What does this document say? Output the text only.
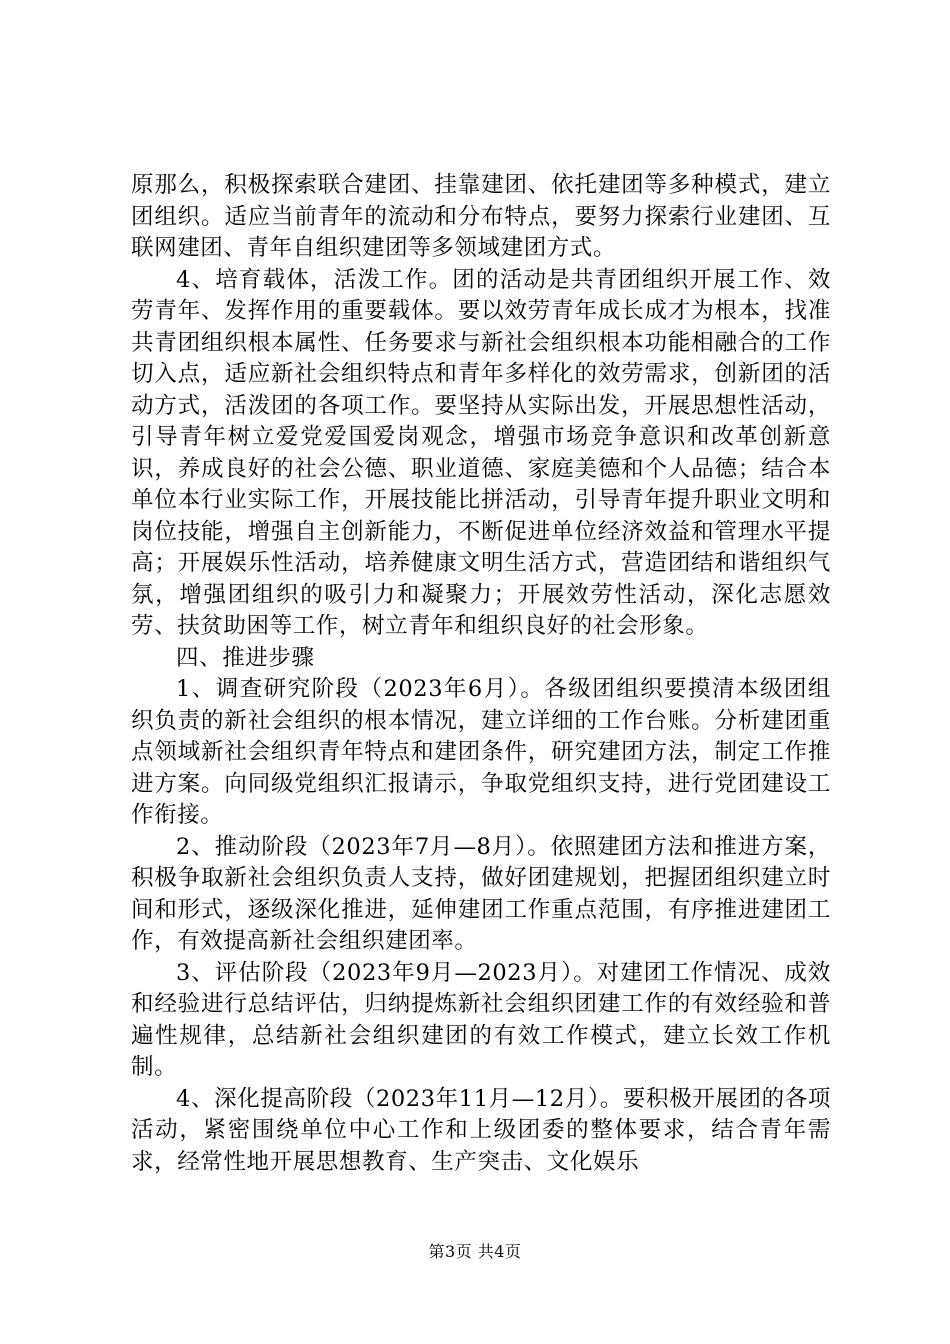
原那么，积极探索联合建团、挂靠建团、依托建团等多种模式，建立团组织。适应当前青年的流动和分布特点，要努力探索行业建团、互联网建团、青年自组织建团等多领域建团方式。

4、培育载体，活泼工作。团的活动是共青团组织开展工作、效劳青年、发挥作用的重要载体。要以效劳青年成长成才为根本，找准共青团组织根本属性、任务要求与新社会组织根本功能相融合的工作切入点，适应新社会组织特点和青年多样化的效劳需求，创新团的活动方式，活泼团的各项工作。要坚持从实际出发，开展思想性活动，引导青年树立爱党爱国爱岗观念，增强市场竞争意识和改革创新意识，养成良好的社会公德、职业道德、家庭美德和个人品德；结合本单位本行业实际工作，开展技能比拼活动，引导青年提升职业文明和岗位技能，增强自主创新能力，不断促进单位经济效益和管理水平提高；开展娱乐性活动，培养健康文明生活方式，营造团结和谐组织气氛，增强团组织的吸引力和凝聚力；开展效劳性活动，深化志愿效劳、扶贫助困等工作，树立青年和组织良好的社会形象。

四、推进步骤

1、调查研究阶段（2023年6月）。各级团组织要摸清本级团组织负责的新社会组织的根本情况，建立详细的工作台账。分析建团重点领域新社会组织青年特点和建团条件，研究建团方法，制定工作推进方案。向同级党组织汇报请示，争取党组织支持，进行党团建设工作衔接。

2、推动阶段（2023年7月—8月）。依照建团方法和推进方案，积极争取新社会组织负责人支持，做好团建规划，把握团组织建立时间和形式，逐级深化推进，延伸建团工作重点范围，有序推进建团工作，有效提高新社会组织建团率。

3、评估阶段（2023年9月—2023月）。对建团工作情况、成效和经验进行总结评估，归纳提炼新社会组织团建工作的有效经验和普遍性规律，总结新社会组织建团的有效工作模式，建立长效工作机制。

4、深化提高阶段（2023年11月—12月）。要积极开展团的各项活动，紧密围绕单位中心工作和上级团委的整体要求，结合青年需求，经常性地开展思想教育、生产突击、文化娱乐

第3页 共4页
